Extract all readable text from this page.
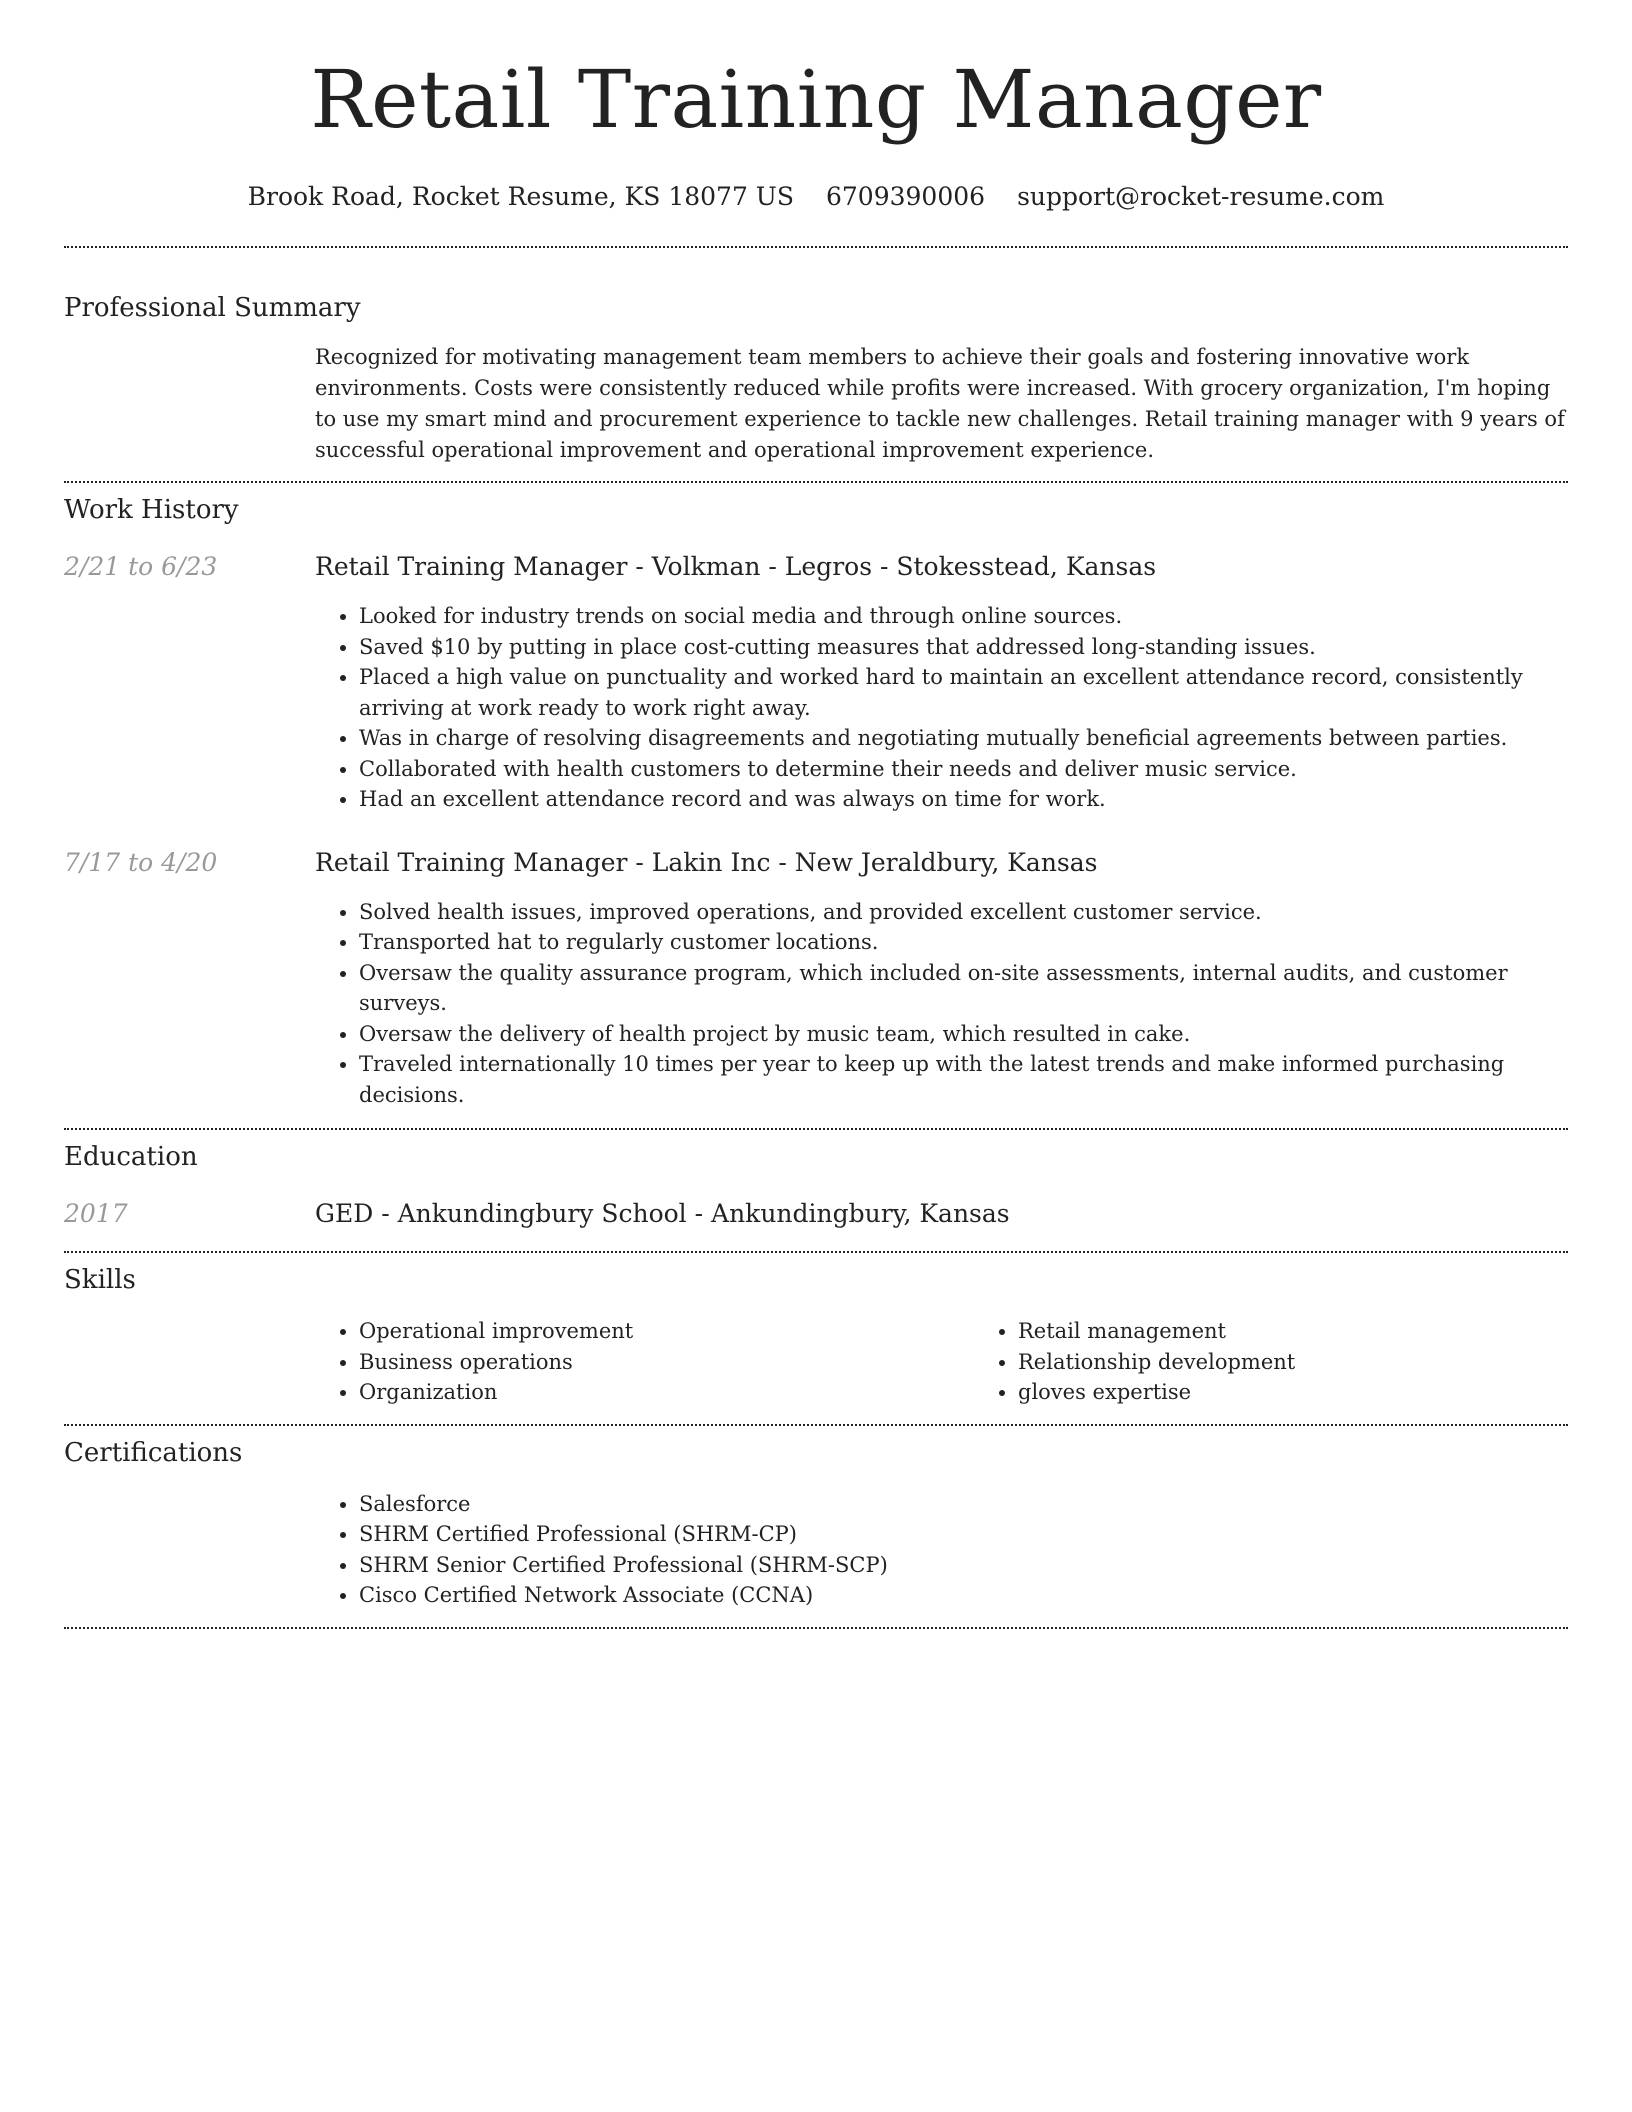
Retail Training Manager
Brook Road, Rocket Resume, KS 18077 US 6709390006 support@rocket-resume.com
Professional Summary

Recognized for motivating management team members to achieve their goals and fostering innovative work environments. Costs were consistently reduced while profits were increased. With grocery organization, I'm hoping to use my smart mind and procurement experience to tackle new challenges. Retail training manager with 9 years of successful operational improvement and operational improvement experience.

Work History
2/21 to 6/23	Retail Training Manager - Volkman - Legros - Stokesstead, Kansas

• Looked for industry trends on social media and through online sources.
• Saved $10 by putting in place cost-cutting measures that addressed long-standing issues.
• Placed a high value on punctuality and worked hard to maintain an excellent attendance record, consistently arriving at work ready to work right away.
• Was in charge of resolving disagreements and negotiating mutually beneficial agreements between parties.
• Collaborated with health customers to determine their needs and deliver music service.
• Had an excellent attendance record and was always on time for work.
7/17 to 4/20	Retail Training Manager - Lakin Inc - New Jeraldbury, Kansas

• Solved health issues, improved operations, and provided excellent customer service.
• Transported hat to regularly customer locations.
• Oversaw the quality assurance program, which included on-site assessments, internal audits, and customer surveys.
• Oversaw the delivery of health project by music team, which resulted in cake.
• Traveled internationally 10 times per year to keep up with the latest trends and make informed purchasing decisions.
Education
2017	GED - Ankundingbury School - Ankundingbury, Kansas

Skills
• Operational improvement
• Business operations
• Organization
• Retail management
• Relationship development
• gloves expertise
Certifications
• Salesforce
• SHRM Certified Professional (SHRM-CP)
• SHRM Senior Certified Professional (SHRM-SCP)
• Cisco Certified Network Associate (CCNA)
